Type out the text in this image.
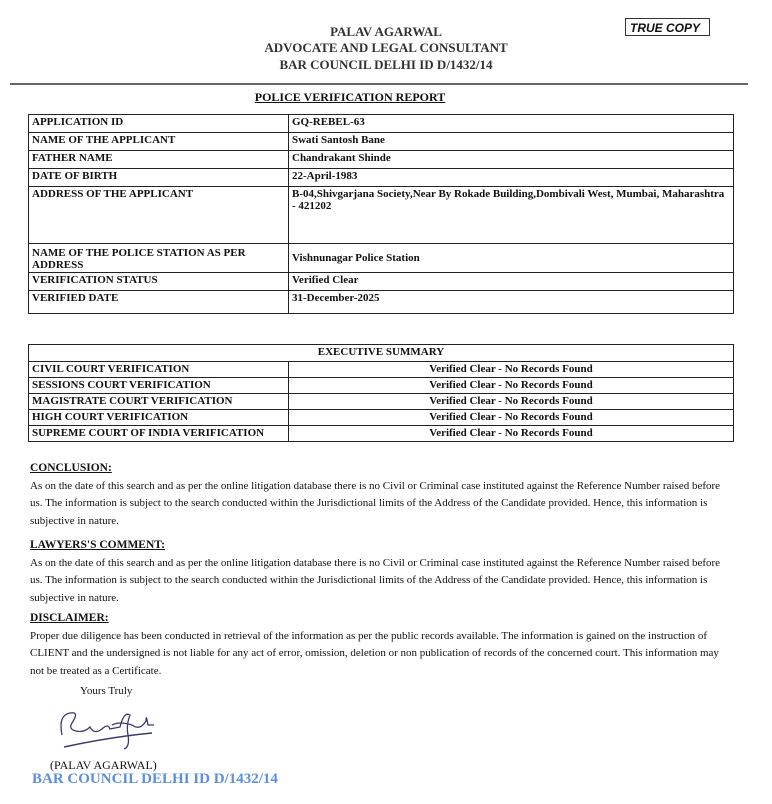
PALAV AGARWAL
ADVOCATE AND LEGAL CONSULTANT
BAR COUNCIL DELHI ID D/1432/14
TRUE COPY
POLICE VERIFICATION REPORT
APPLICATION ID	GQ-REBEL-63
NAME OF THE APPLICANT	Swati Santosh Bane
FATHER NAME	Chandrakant Shinde
DATE OF BIRTH	22-April-1983
ADDRESS OF THE APPLICANT	B-04,Shivgarjana Society,Near By Rokade Building,Dombivali West, Mumbai, Maharashtra - 421202
NAME OF THE POLICE STATION AS PER ADDRESS	Vishnunagar Police Station
VERIFICATION STATUS	Verified Clear
VERIFIED DATE	31-December-2025
EXECUTIVE SUMMARY	
CIVIL COURT VERIFICATION	Verified Clear - No Records Found
SESSIONS COURT VERIFICATION	Verified Clear - No Records Found
MAGISTRATE COURT VERIFICATION	Verified Clear - No Records Found
HIGH COURT VERIFICATION	Verified Clear - No Records Found
SUPREME COURT OF INDIA VERIFICATION	Verified Clear - No Records Found
CONCLUSION:
As on the date of this search and as per the online litigation database there is no Civil or Criminal case instituted against the Reference Number raised before us. The information is subject to the search conducted within the Jurisdictional limits of the Address of the Candidate provided. Hence, this information is subjective in nature.
LAWYERS'S COMMENT:
As on the date of this search and as per the online litigation database there is no Civil or Criminal case instituted against the Reference Number raised before us. The information is subject to the search conducted within the Jurisdictional limits of the Address of the Candidate provided. Hence, this information is subjective in nature.
DISCLAIMER:
Proper due diligence has been conducted in retrieval of the information as per the public records available. The information is gained on the instruction of CLIENT and the undersigned is not liable for any act of error, omission, deletion or non publication of records of the concerned court. This information may not be treated as a Certificate.
Yours Truly
(PALAV AGARWAL)
BAR COUNCIL DELHI ID D/1432/14
